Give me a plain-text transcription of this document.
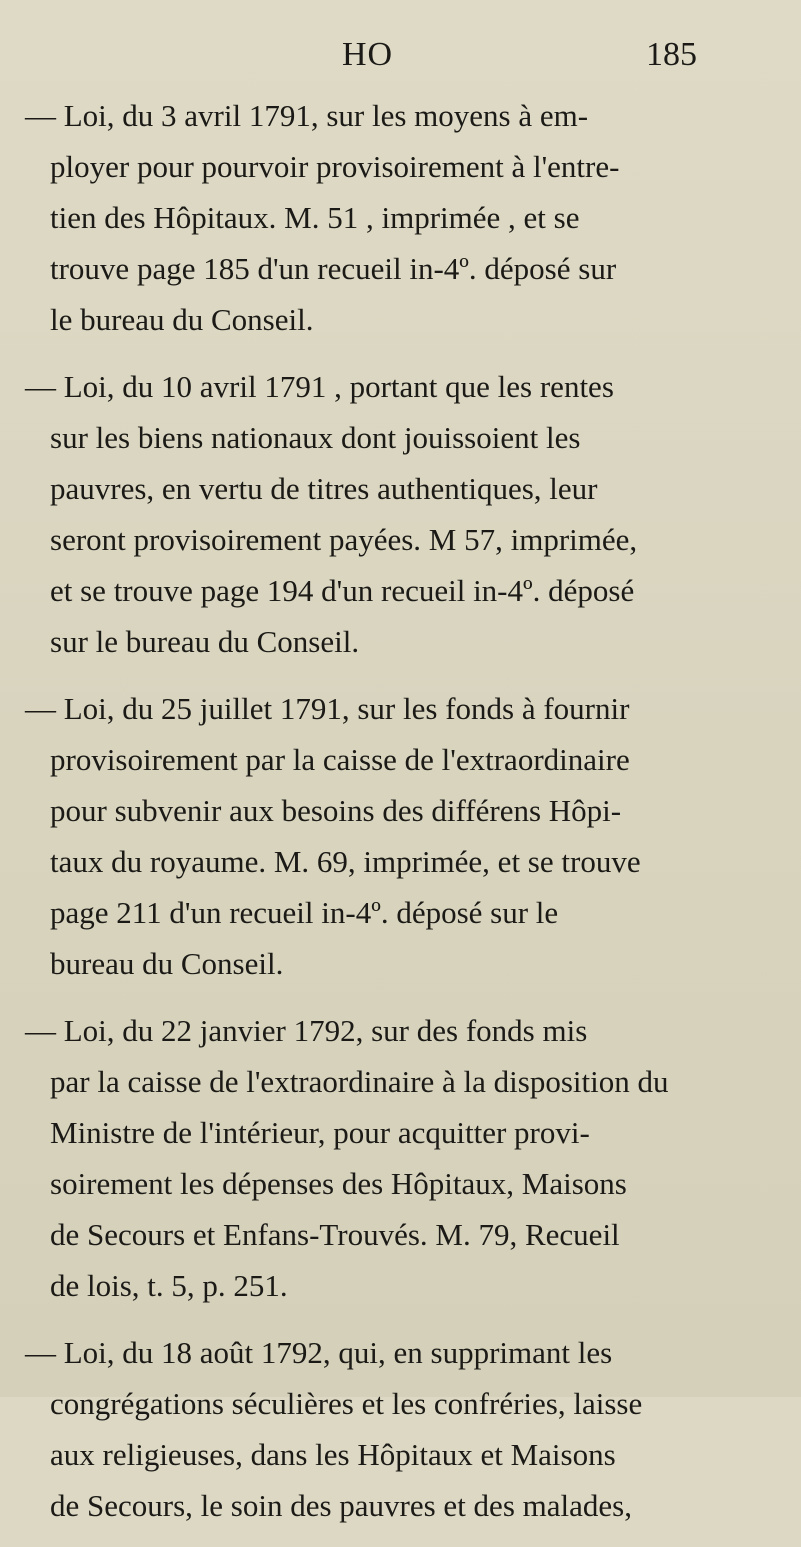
HO	185
— Loi, du 3 avril 1791, sur les moyens à em-
ployer pour pourvoir provisoirement à l'entre-
tien des Hôpitaux. M. 51 , imprimée , et se
trouve page 185 d'un recueil in-4º. déposé sur
le bureau du Conseil.
— Loi, du 10 avril 1791 , portant que les rentes
sur les biens nationaux dont jouissoient les
pauvres, en vertu de titres authentiques, leur
seront provisoirement payées. M 57, imprimée,
et se trouve page 194 d'un recueil in-4º. déposé
sur le bureau du Conseil.
— Loi, du 25 juillet 1791, sur les fonds à fournir
provisoirement par la caisse de l'extraordinaire
pour subvenir aux besoins des différens Hôpi-
taux du royaume. M. 69, imprimée, et se trouve
page 211 d'un recueil in-4º. déposé sur le
bureau du Conseil.
— Loi, du 22 janvier 1792, sur des fonds mis
par la caisse de l'extraordinaire à la disposition du
Ministre de l'intérieur, pour acquitter provi-
soirement les dépenses des Hôpitaux, Maisons
de Secours et Enfans-Trouvés. M. 79, Recueil
de lois, t. 5, p. 251.
— Loi, du 18 août 1792, qui, en supprimant les
congrégations séculières et les confréries, laisse
aux religieuses, dans les Hôpitaux et Maisons
de Secours, le soin des pauvres et des malades,
